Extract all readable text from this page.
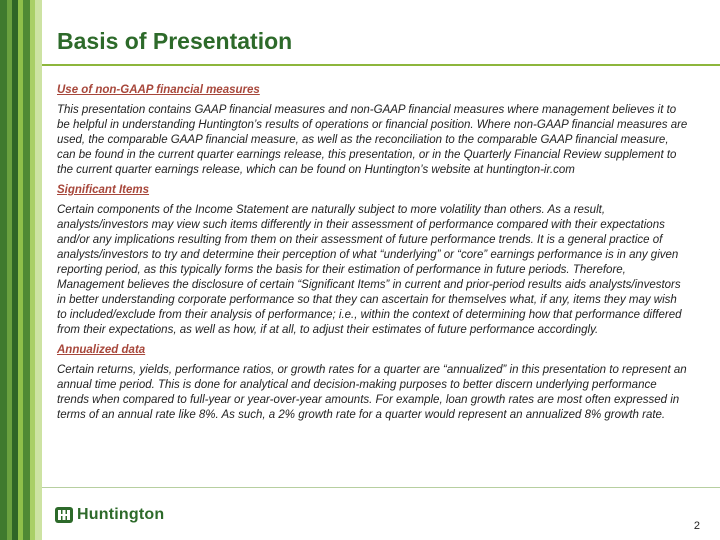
Basis of Presentation
Use of non-GAAP financial measures

This presentation contains GAAP financial measures and non-GAAP financial measures where management believes it to be helpful in understanding Huntington’s results of operations or financial position. Where non-GAAP financial measures are used, the comparable GAAP financial measure, as well as the reconciliation to the comparable GAAP financial measure, can be found in the current quarter earnings release, this presentation, or in the Quarterly Financial Review supplement to the current quarter earnings release, which can be found on Huntington’s website at huntington-ir.com

Significant Items

Certain components of the Income Statement are naturally subject to more volatility than others. As a result, analysts/investors may view such items differently in their assessment of performance compared with their expectations and/or any implications resulting from them on their assessment of future performance trends. It is a general practice of analysts/investors to try and determine their perception of what “underlying” or “core” earnings performance is in any given reporting period, as this typically forms the basis for their estimation of performance in future periods. Therefore, Management believes the disclosure of certain “Significant Items” in current and prior-period results aids analysts/investors in better understanding corporate performance so that they can ascertain for themselves what, if any, items they may wish to included/exclude from their analysis of performance; i.e., within the context of determining how that performance differed from their expectations, as well as how, if at all, to adjust their estimates of future performance accordingly.

Annualized data

Certain returns, yields, performance ratios, or growth rates for a quarter are “annualized” in this presentation to represent an annual time period. This is done for analytical and decision-making purposes to better discern underlying performance trends when compared to full-year or year-over-year amounts. For example, loan growth rates are most often expressed in terms of an annual rate like 8%. As such, a 2% growth rate for a quarter would represent an annualized 8% growth rate.

Huntington
2
